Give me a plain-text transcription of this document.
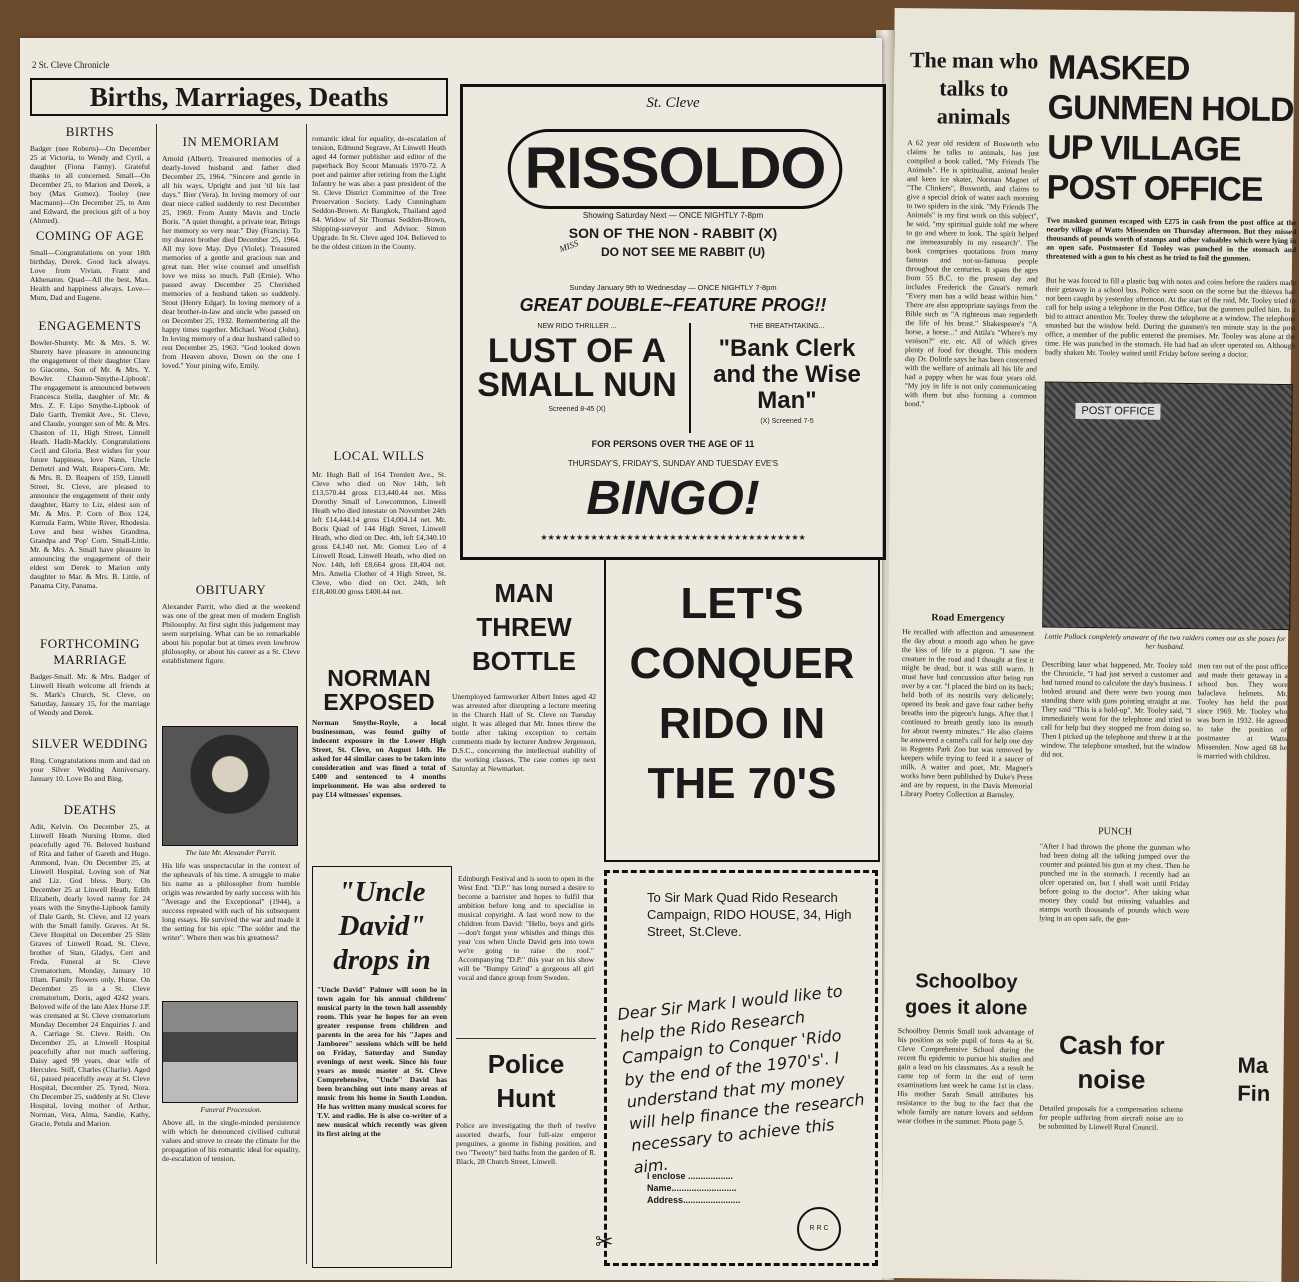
2 St. Cleve Chronicle
Births, Marriages, Deaths
BIRTHS
Badger (nee Roberts)—On December 25 at Victoria, to Wendy and Cyril, a daughter (Fiona Fanny). Grateful thanks to all concerned. Small—On December 25, to Marion and Derek, a boy (Max Gomez). Tooley (nee Macmann)—On December 25, to Ann and Edward, the precious gift of a boy (Ahmed).
COMING OF AGE
Small—Congratulations on your 18th birthday, Derek. Good luck always. Love from Vivian, Franz and Akhenaton. Quad—All the best, Max. Health and happiness always. Love—Mum, Dad and Eugene.
ENGAGEMENTS
Bowler-Shurety. Mr. & Mrs. S. W. Shurety have pleasure in announcing the engagement of their daughter Clare to Giacomo, Son of Mr. & Mrs. Y. Bowler. Chaston-'Smythe-Lipbook'. The engagement is announced between Francesca Stella, daughter of Mr. & Mrs. Z. F. Lipo Smythe-Lipbook of Dale Garth, Tremkit Ave., St. Cleve, and Claude, younger son of Mr. & Mrs. Chaston of 11, High Street, Linnell Heath. Hadit-Mackly. Congratulations Cecil and Gloria. Best wishes for your future happiness, love Nann, Uncle Demetri and Walt. Reapers-Corn. Mr. & Mrs. R. D. Reapers of 159, Linnell Street, St. Cleve, are pleased to announce the engagement of their only daughter, Harry to Liz, eldest son of Mr. & Mrs. P. Corn of Box 124, Kurnula Farm, White River, Rhodesia. Love and best wishes Grandma, Grandpa and 'Pop' Corn. Small-Little. Mr. & Mrs. A. Small have pleasure in announcing the engagement of their eldest son Derek to Marion only daughter to Mar. & Mrs. B. Little, of Panama City, Panama.
FORTHCOMING MARRIAGE
Badger-Small. Mr. & Mrs. Badger of Linwell Heath welcome all friends at St. Mark's Church, St. Cleve, on Saturday, January 15, for the marriage of Wendy and Derek.
SILVER WEDDING
Ring. Congratulations mum and dad on your Silver Wedding Anniversary. January 10. Love Bo and Bing.
DEATHS
Adit, Kelvin. On December 25, at Linwell Heath Nursing Home, died peacefully aged 76. Beloved husband of Rita and father of Gareth and Hugo. Ammond, Ivan. On December 25, at Linwell Hospital. Loving son of Nat and Liz. God bless. Bury. On December 25 at Linwell Heath, Edith Elizabeth, dearly loved nanny for 24 years with the Smythe-Lipbook family of Dale Garth, St. Cleve, and 12 years with the Small family. Graves. At St. Cleve Hospital on December 25 Slim Graves of Linwell Road, St. Cleve, brother of Stan, Gladys, Cert and Freda. Funeral at St. Cleve Crematorium, Monday, January 10 10am. Family flowers only. Hurse. On December 25 in a St. Cleve crematorium, Doris, aged 4242 years. Beloved wife of the late Alex Hurse J.P. was cremated at St. Cleve crematorium Monday December 24 Enquiries J. and A. Carriage St. Cleve. Reith. On December 25, at Linwell Hospital peacefully after not much suffering, Daisy aged 99 years, dear wife of Hercules. Stiff, Charles (Charlie). Aged 61, passed peacefully away at St. Cleve Hospital, December 25. Tyred, Nora. On December 25, suddenly at St. Cleve Hospital, loving mother of Arthur, Norman, Vera, Alma, Sandie, Kathy, Gracie, Petula and Marion.
IN MEMORIAM
Arnold (Albert). Treasured memories of a dearly-loved husband and father died December 25, 1964. "Sincere and gentle in all his ways, Upright and just 'til his last days." Bier (Vera). In loving memory of our dear niece called suddenly to rest December 25, 1969. From Aunty Mavis and Uncle Boris. "A quiet thought, a private tear, Brings her memory so very near." Day (Francis). To my dearest brother died December 25, 1964. All my love May. Dye (Violet). Treasured memories of a gentle and gracious nan and great nan. Her wise counsel and unselfish love we miss so much. Pall (Ernie). Who passed away December 25 Cherished memories of a husband taken so suddenly. Stout (Henry Edgar). In loving memory of a dear brother-in-law and uncle who passed on on December 25, 1932. Remembering all the happy times together. Michael. Wood (John). In loving memory of a dear husband called to rest December 25, 1963. "God looked down from Heaven above, Down on the one I loved." Your pining wife, Emily.
OBITUARY
Alexander Parrit, who died at the weekend was one of the great men of modern English Philosophy. At first sight this judgement may seem surprising. What can be so remarkable about his popular but at times even lowbrow philosophy, or about his career as a St. Cleve establishment figure.
The late Mr. Alexander Parrit.
His life was unspectacular in the context of the upheavals of his time. A struggle to make his name as a philosopher from humble origin was rewarded by early success with his "Average and the Exceptional" (1944), a success repeated with each of his subsequent long essays. He survived the war and made it the setting for his epic "The solder and the writer". Where then was his greatness?
Funeral Procession.
Above all, in the single-minded persistence with which he denounced civilised cultural values and strove to create the climate for the propagation of his romantic ideal for equality, de-escalation of tension,
romantic ideal for equality, de-escalation of tension, Edmund Segrave, At Linwell Heath aged 44 former publisher and editor of the paperback Boy Scout Manuals 1970-72. A poet and painter after retiring from the Light Infantry he was also a past president of the St. Cleve District Committee of the Tree Preservation Society. Lady Cunningham Seddon-Brown. At Bangkok, Thailand aged 84. Widow of Sir Thomas Seddon-Brown, Shipping-surveyor and Advisor. Simon Upgrade. In St. Cleve aged 104. Believed to be the oldest citizen in the County.
LOCAL WILLS
Mr. Hugh Ball of 164 Tremlett Ave., St. Cleve who died on Nov 14th, left £13,570.44 gross £13,440.44 net. Miss Dorothy Small of Lowcommon, Linwell Heath who died intestate on November 24th left £14,444.14 gross £14,004.14 net. Mr. Boris Quad of 144 High Street, Linwell Heath, who died on Dec. 4th, left £4,340.10 gross £4,140 net. Mr. Gomez Leo of 4 Linwell Road, Linwell Heath, who died on Nov. 14th, left £8,664 gross £8,404 net. Mrs. Amelia Clother of 4 High Street, St. Cleve, who died on Oct. 24th, left £18,400.00 gross £400.44 net.
NORMAN EXPOSED
Norman Smythe-Royle, a local businessman, was found guilty of indecent exposure in the Lower High Street, St. Cleve, on August 14th. He asked for 44 similar cases to be taken into consideration and was fined a total of £400 and sentenced to 4 months imprisonment. He was also ordered to pay £14 witnesses' expenses.
St. Cleve
RISSOLDO
Showing Saturday Next — ONCE NIGHTLY 7-8pm
SON OF THE NON - RABBIT (X)
MISS	DO NOT SEE ME RABBIT (U)
Sunday January 9th to Wednesday — ONCE NIGHTLY 7-8pm
GREAT DOUBLE~FEATURE PROG!!
NEW RIDO THRILLER ...
LUST OF A SMALL NUN
Screened 8-45 (X)
THE BREATHTAKING...
"Bank Clerk and the Wise Man"
(X) Screened 7-5
FOR PERSONS OVER THE AGE OF 11
THURSDAY'S, FRIDAY'S, SUNDAY AND TUESDAY EVE'S
BINGO!
★★★★★★★★★★★★★★★★★★★★★★★★★★★★★★★★★★★★★
MAN THREW BOTTLE
Unemployed farmworker Albert Innes aged 42 was arrested after disrupting a lecture meeting in the Church Hall of St. Cleve on Tuesday night. It was alleged that Mr. Innes threw the bottle after taking exception to certain comments made by lecturer Andrew Jergenson, D.S.C., concerning the intellectual stability of the working classes. The case comes up next Saturday at Newmarket.
LET'S CONQUER RIDO IN THE 70'S
"Uncle David" drops in
"Uncle David" Palmer will soon be in town again for his annual childrens' musical party in the town hall assembly room. This year he hopes for an even greater response from children and parents in the area for his "Japes and Jamboree" sessions which will be held on Friday, Saturday and Sunday evenings of next week. Since his four years as music master at St. Cleve Comprehensive, "Uncle" David has been branching out into many areas of music from his home in South London. He has written many musical scores for T.V. and radio. He is also co-writer of a new musical which recently was given its first airing at the
Edinburgh Festival and is soon to open in the West End. "D.P." has long nursed a desire to become a barrister and hopes to fulfil that ambition before long and to specialise in musical copyright. A last word now to the children from David: "Hello, boys and girls—don't forget your whistles and things this year 'cos when Uncle David gets into town we're going to raise the roof." Accompanying "D.P." this year on his show will be "Bumpy Grind" a gorgeous all girl vocal and dance group from Sweden.
Police Hunt
Police are investigating the theft of twelve assorted dwarfs, four full-size emperor penguines, a gnome in fishing position, and two "Tweety" bird baths from the garden of R. Black, 28 Church Street, Linwell.
To Sir Mark Quad Rido Research Campaign, RIDO HOUSE, 34, High Street, St.Cleve.
Dear Sir Mark I would like to help the Rido Research Campaign to Conquer 'Rido by the end of the 1970's'. I understand that my money will help finance the research necessary to achieve this aim.
I enclose ..................
Name..........................
Address.......................
R R C
✂
The man who talks to animals
A 62 year old resident of Bosworth who claims he talks to animals, has just compiled a book called, "My Friends The Animals". He is spiritualist, animal healer and keen ice skater, Norman Magnet of "The Clinkers", Bosworth, and claims to give a special drink of water each morning to two spiders in the sink. "My Friends The Animals" is my first work on this subject", he said, "my spiritual guide told me where to go and where to look. The spirit helped me immeasurably in my research". The book comprises quotations from many famous and not-so-famous people throughout the centuries. It spans the ages from 55 B.C. to the present day and includes Frederick the Great's remark "Every man has a wild beast within him." There are also appropriate sayings from the Bible such as "A righteous man regardeth the life of his beast." Shakespeare's "A horse, a horse..." and Attila's "Where's my venison?" etc. etc. All of which gives plenty of food for thought. This modern day Dr. Dolittle says he has been concerned with the welfare of animals all his life and had a pappy when he was four years old. "My joy in life is not only communicating with them but also forming a common bond."
Road Emergency
He recalled with affection and amusement the day about a month ago when he gave the kiss of life to a pigeon. "I saw the creature in the road and I thought at first it might be dead, but it was still warm. It must have had concussion after being run over by a car. "I placed the bird on its back; held both of its nostrils very delicately; opened its beak and gave four rather hefty breaths into the pigeon's lungs. After that I continued to breath gently into its mouth for about twenty minutes." He also claims he answered a camel's call for help one day in Regents Park Zoo but was removed by keepers while trying to feed it a saucer of milk. A waiter and poet, Mr. Magnet's works have been published by Duke's Press and are by request, in the Davis Memorial Library Poetry Collection at Barnsley.
MASKED GUNMEN HOLD UP VILLAGE POST OFFICE
Two masked gunmen escaped with £275 in cash from the post office at the nearby village of Watts Missenden on Thursday afternoon. But they missed thousands of pounds worth of stamps and other valuables which were lying in an open safe. Postmaster Ed Tooley was punched in the stomach and threatened with a gun to his chest as he tried to foil the gunmen.
But he was forced to fill a plastic bag with notes and coins before the raiders made their getaway in a school bus. Police were soon on the scene but the thieves had not been caught by yesterday afternoon. At the start of the raid, Mr. Tooley tried to call for help using a telephone in the Post Office, but the gunmen pulled him. In a bid to attract attention Mr. Tooley threw the telephone at a window. The telephone smashed but the window held. During the gunmen's ten minute stay in the post office, a member of the public entered the premises. Mr. Tooley was alone at the time. He was punched in the stomach. He had had an ulcer operated on. Although badly shaken Mr. Tooley waited until Friday before seeing a doctor.
POST OFFICE
Lottie Pollock completely unaware of the two raiders comes out as she poses for her husband.
Describing later what happened, Mr. Tooley told the Chronicle, "I had just served a customer and had turned round to calculate the day's business. I looked around and there were two young men standing there with guns pointing straight at me. They said "This is a hold-up". Mr. Tooley said, "I immediately went for the telephone and tried to call for help but they stopped me from doing so. Then I picked up the telephone and threw it at the window. The telephone smashed, but the window did not.
PUNCH
"After I had thrown the phone the gunman who had been doing all the talking jumped over the counter and pointed his gun at my chest. Then he punched me in the stomach. I recently had an ulcer operated on, but I shall wait until Friday before going to the doctor". After taking what money they could but missing valuables and stamps worth thousands of pounds which were lying in an open safe, the gun-
men ran out of the post office and made their getaway in a school bus. They wore balaclava helmets. Mr. Tooley has held the post since 1969. Mr. Tooley who was born in 1932. He agreed to take the position of postmaster at Watts Missenden. Now aged 68 he is married with children.
Schoolboy goes it alone
Schoolboy Dennis Small took advantage of his position as sole pupil of form 4a at St. Cleve Comprehensive School during the recent flu epidemic to pursue his studies and gain a lead on his classmates. As a result he came top of form in the end of term examinations last week he came 1st in class. His mother Sarah Small attributes his resistance to the bug to the fact that the whole family are nature lovers and seldom wear clothes in the summer. Photo page 5.
Cash for noise
Detailed proposals for a compensation scheme for people suffering from aircraft noise are to be submitted by Linwell Rural Council.
Ma Fin
